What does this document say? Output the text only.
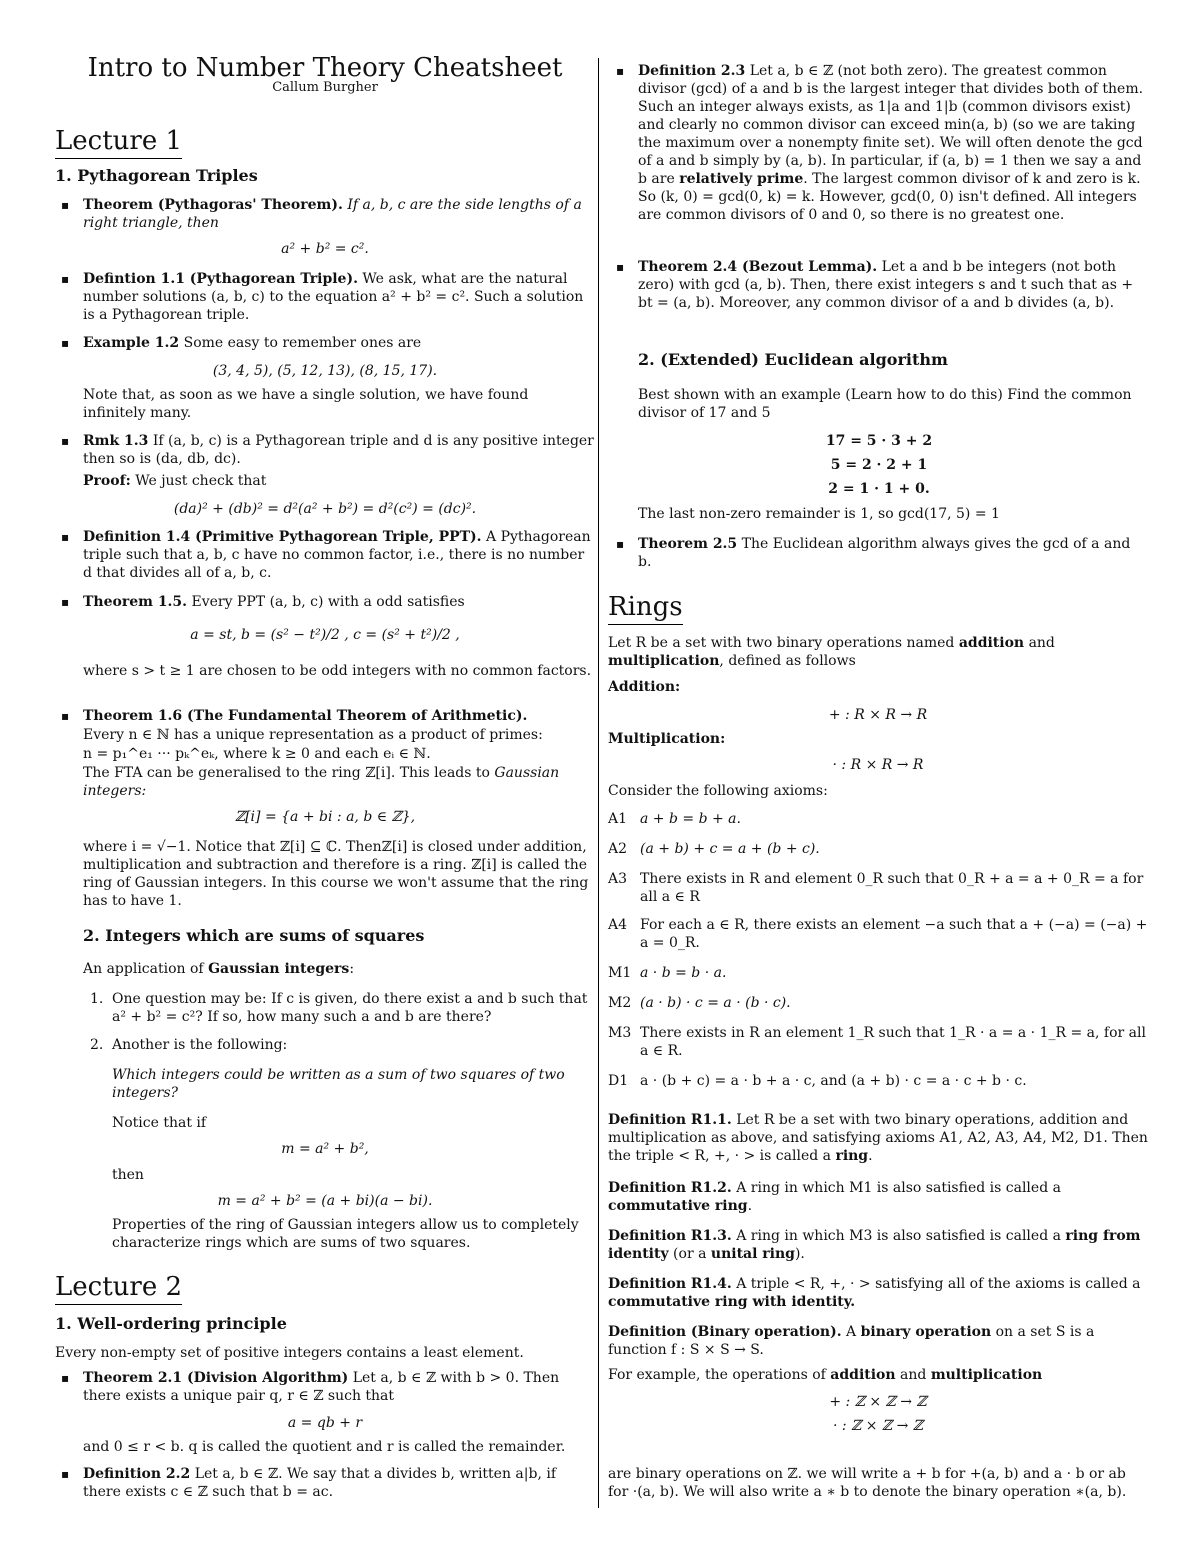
Intro to Number Theory Cheatsheet
Callum Burgher
Lecture 1
1. Pythagorean Triples
▪ Theorem (Pythagoras' Theorem). If a, b, c are the side lengths of a right triangle, then
a² + b² = c².
▪ Defintion 1.1 (Pythagorean Triple). We ask, what are the natural number solutions (a, b, c) to the equation a² + b² = c². Such a solution is a Pythagorean triple.
▪ Example 1.2 Some easy to remember ones are
(3, 4, 5), (5, 12, 13), (8, 15, 17).
Note that, as soon as we have a single solution, we have found infinitely many.
▪ Rmk 1.3 If (a, b, c) is a Pythagorean triple and d is any positive integer then so is (da, db, dc).
Proof: We just check that
(da)² + (db)² = d²(a² + b²) = d²(c²) = (dc)².
▪ Definition 1.4 (Primitive Pythagorean Triple, PPT). A Pythagorean triple such that a, b, c have no common factor, i.e., there is no number d that divides all of a, b, c.
▪ Theorem 1.5. Every PPT (a, b, c) with a odd satisfies
a = st, b = (s² − t²)/2 , c = (s² + t²)/2 ,
where s > t ≥ 1 are chosen to be odd integers with no common factors.
▪ Theorem 1.6 (The Fundamental Theorem of Arithmetic).
Every n ∈ ℕ has a unique representation as a product of primes:
n = p₁^e₁ ··· pₖ^eₖ, where k ≥ 0 and each eᵢ ∈ ℕ.
The FTA can be generalised to the ring ℤ[i]. This leads to Gaussian integers:
ℤ[i] = {a + bi : a, b ∈ ℤ},
where i = √−1. Notice that ℤ[i] ⊆ ℂ. Thenℤ[i] is closed under addition, multiplication and subtraction and therefore is a ring. ℤ[i] is called the ring of Gaussian integers. In this course we won't assume that the ring has to have 1.
2. Integers which are sums of squares
An application of Gaussian integers:
1. One question may be: If c is given, do there exist a and b such that a² + b² = c²? If so, how many such a and b are there?
2. Another is the following:
Which integers could be written as a sum of two squares of two integers?
Notice that if
m = a² + b²,
then
m = a² + b² = (a + bi)(a − bi).
Properties of the ring of Gaussian integers allow us to completely characterize rings which are sums of two squares.
Lecture 2
1. Well-ordering principle
Every non-empty set of positive integers contains a least element.
▪ Theorem 2.1 (Division Algorithm) Let a, b ∈ ℤ with b > 0. Then there exists a unique pair q, r ∈ ℤ such that
a = qb + r
and 0 ≤ r < b. q is called the quotient and r is called the remainder.
▪ Definition 2.2 Let a, b ∈ ℤ. We say that a divides b, written a|b, if there exists c ∈ ℤ such that b = ac.
▪ Definition 2.3 Let a, b ∈ ℤ (not both zero). The greatest common divisor (gcd) of a and b is the largest integer that divides both of them. Such an integer always exists, as 1|a and 1|b (common divisors exist) and clearly no common divisor can exceed min(a, b) (so we are taking the maximum over a nonempty finite set). We will often denote the gcd of a and b simply by (a, b). In particular, if (a, b) = 1 then we say a and b are relatively prime. The largest common divisor of k and zero is k. So (k, 0) = gcd(0, k) = k. However, gcd(0, 0) isn't defined. All integers are common divisors of 0 and 0, so there is no greatest one.
▪ Theorem 2.4 (Bezout Lemma). Let a and b be integers (not both zero) with gcd (a, b). Then, there exist integers s and t such that as + bt = (a, b). Moreover, any common divisor of a and b divides (a, b).
2. (Extended) Euclidean algorithm
Best shown with an example (Learn how to do this) Find the common divisor of 17 and 5
17 = 5 · 3 + 2
5 = 2 · 2 + 1
2 = 1 · 1 + 0.
The last non-zero remainder is 1, so gcd(17, 5) = 1
▪ Theorem 2.5 The Euclidean algorithm always gives the gcd of a and b.
Rings
Let R be a set with two binary operations named addition and multiplication, defined as follows
Addition:
+ : R × R → R
Multiplication:
· : R × R → R
Consider the following axioms:
A1 a + b = b + a.
A2 (a + b) + c = a + (b + c).
A3 There exists in R and element 0_R such that 0_R + a = a + 0_R = a for all a ∈ R
A4 For each a ∈ R, there exists an element −a such that a + (−a) = (−a) + a = 0_R.
M1 a · b = b · a.
M2 (a · b) · c = a · (b · c).
M3 There exists in R an element 1_R such that 1_R · a = a · 1_R = a, for all a ∈ R.
D1 a · (b + c) = a · b + a · c, and (a + b) · c = a · c + b · c.
Definition R1.1. Let R be a set with two binary operations, addition and multiplication as above, and satisfying axioms A1, A2, A3, A4, M2, D1. Then the triple < R, +, · > is called a ring.
Definition R1.2. A ring in which M1 is also satisfied is called a commutative ring.
Definition R1.3. A ring in which M3 is also satisfied is called a ring from identity (or a unital ring).
Definition R1.4. A triple < R, +, · > satisfying all of the axioms is called a commutative ring with identity.
Definition (Binary operation). A binary operation on a set S is a function f : S × S → S.
For example, the operations of addition and multiplication
+ : ℤ × ℤ → ℤ
· : ℤ × ℤ → ℤ
are binary operations on ℤ. we will write a + b for +(a, b) and a · b or ab for ·(a, b). We will also write a ∗ b to denote the binary operation ∗(a, b).
